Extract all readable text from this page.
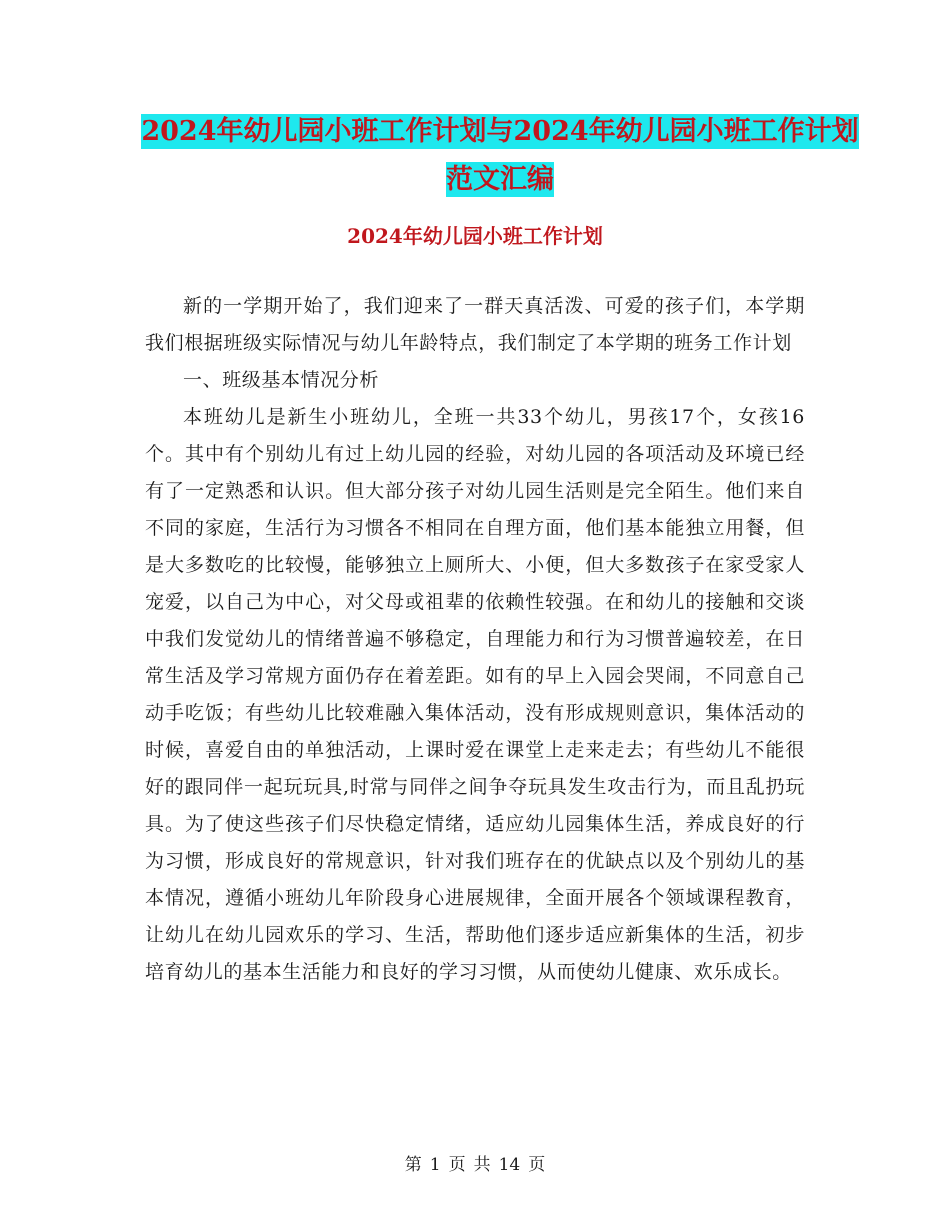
2024年幼儿园小班工作计划与2024年幼儿园小班工作计划范文汇编
2024年幼儿园小班工作计划

新的一学期开始了，我们迎来了一群天真活泼、可爱的孩子们，本学期我们根据班级实际情况与幼儿年龄特点，我们制定了本学期的班务工作计划

一、班级基本情况分析

本班幼儿是新生小班幼儿，全班一共33个幼儿，男孩17个，女孩16个。其中有个别幼儿有过上幼儿园的经验，对幼儿园的各项活动及环境已经有了一定熟悉和认识。但大部分孩子对幼儿园生活则是完全陌生。他们来自不同的家庭，生活行为习惯各不相同在自理方面，他们基本能独立用餐，但是大多数吃的比较慢，能够独立上厕所大、小便，但大多数孩子在家受家人宠爱，以自己为中心，对父母或祖辈的依赖性较强。在和幼儿的接触和交谈中我们发觉幼儿的情绪普遍不够稳定，自理能力和行为习惯普遍较差，在日常生活及学习常规方面仍存在着差距。如有的早上入园会哭闹，不同意自己动手吃饭；有些幼儿比较难融入集体活动，没有形成规则意识，集体活动的时候，喜爱自由的单独活动，上课时爱在课堂上走来走去；有些幼儿不能很好的跟同伴一起玩玩具,时常与同伴之间争夺玩具发生攻击行为，而且乱扔玩具。为了使这些孩子们尽快稳定情绪，适应幼儿园集体生活，养成良好的行为习惯，形成良好的常规意识，针对我们班存在的优缺点以及个别幼儿的基本情况，遵循小班幼儿年阶段身心进展规律，全面开展各个领域课程教育，让幼儿在幼儿园欢乐的学习、生活，帮助他们逐步适应新集体的生活，初步培育幼儿的基本生活能力和良好的学习习惯，从而使幼儿健康、欢乐成长。

第 1 页 共 14 页
